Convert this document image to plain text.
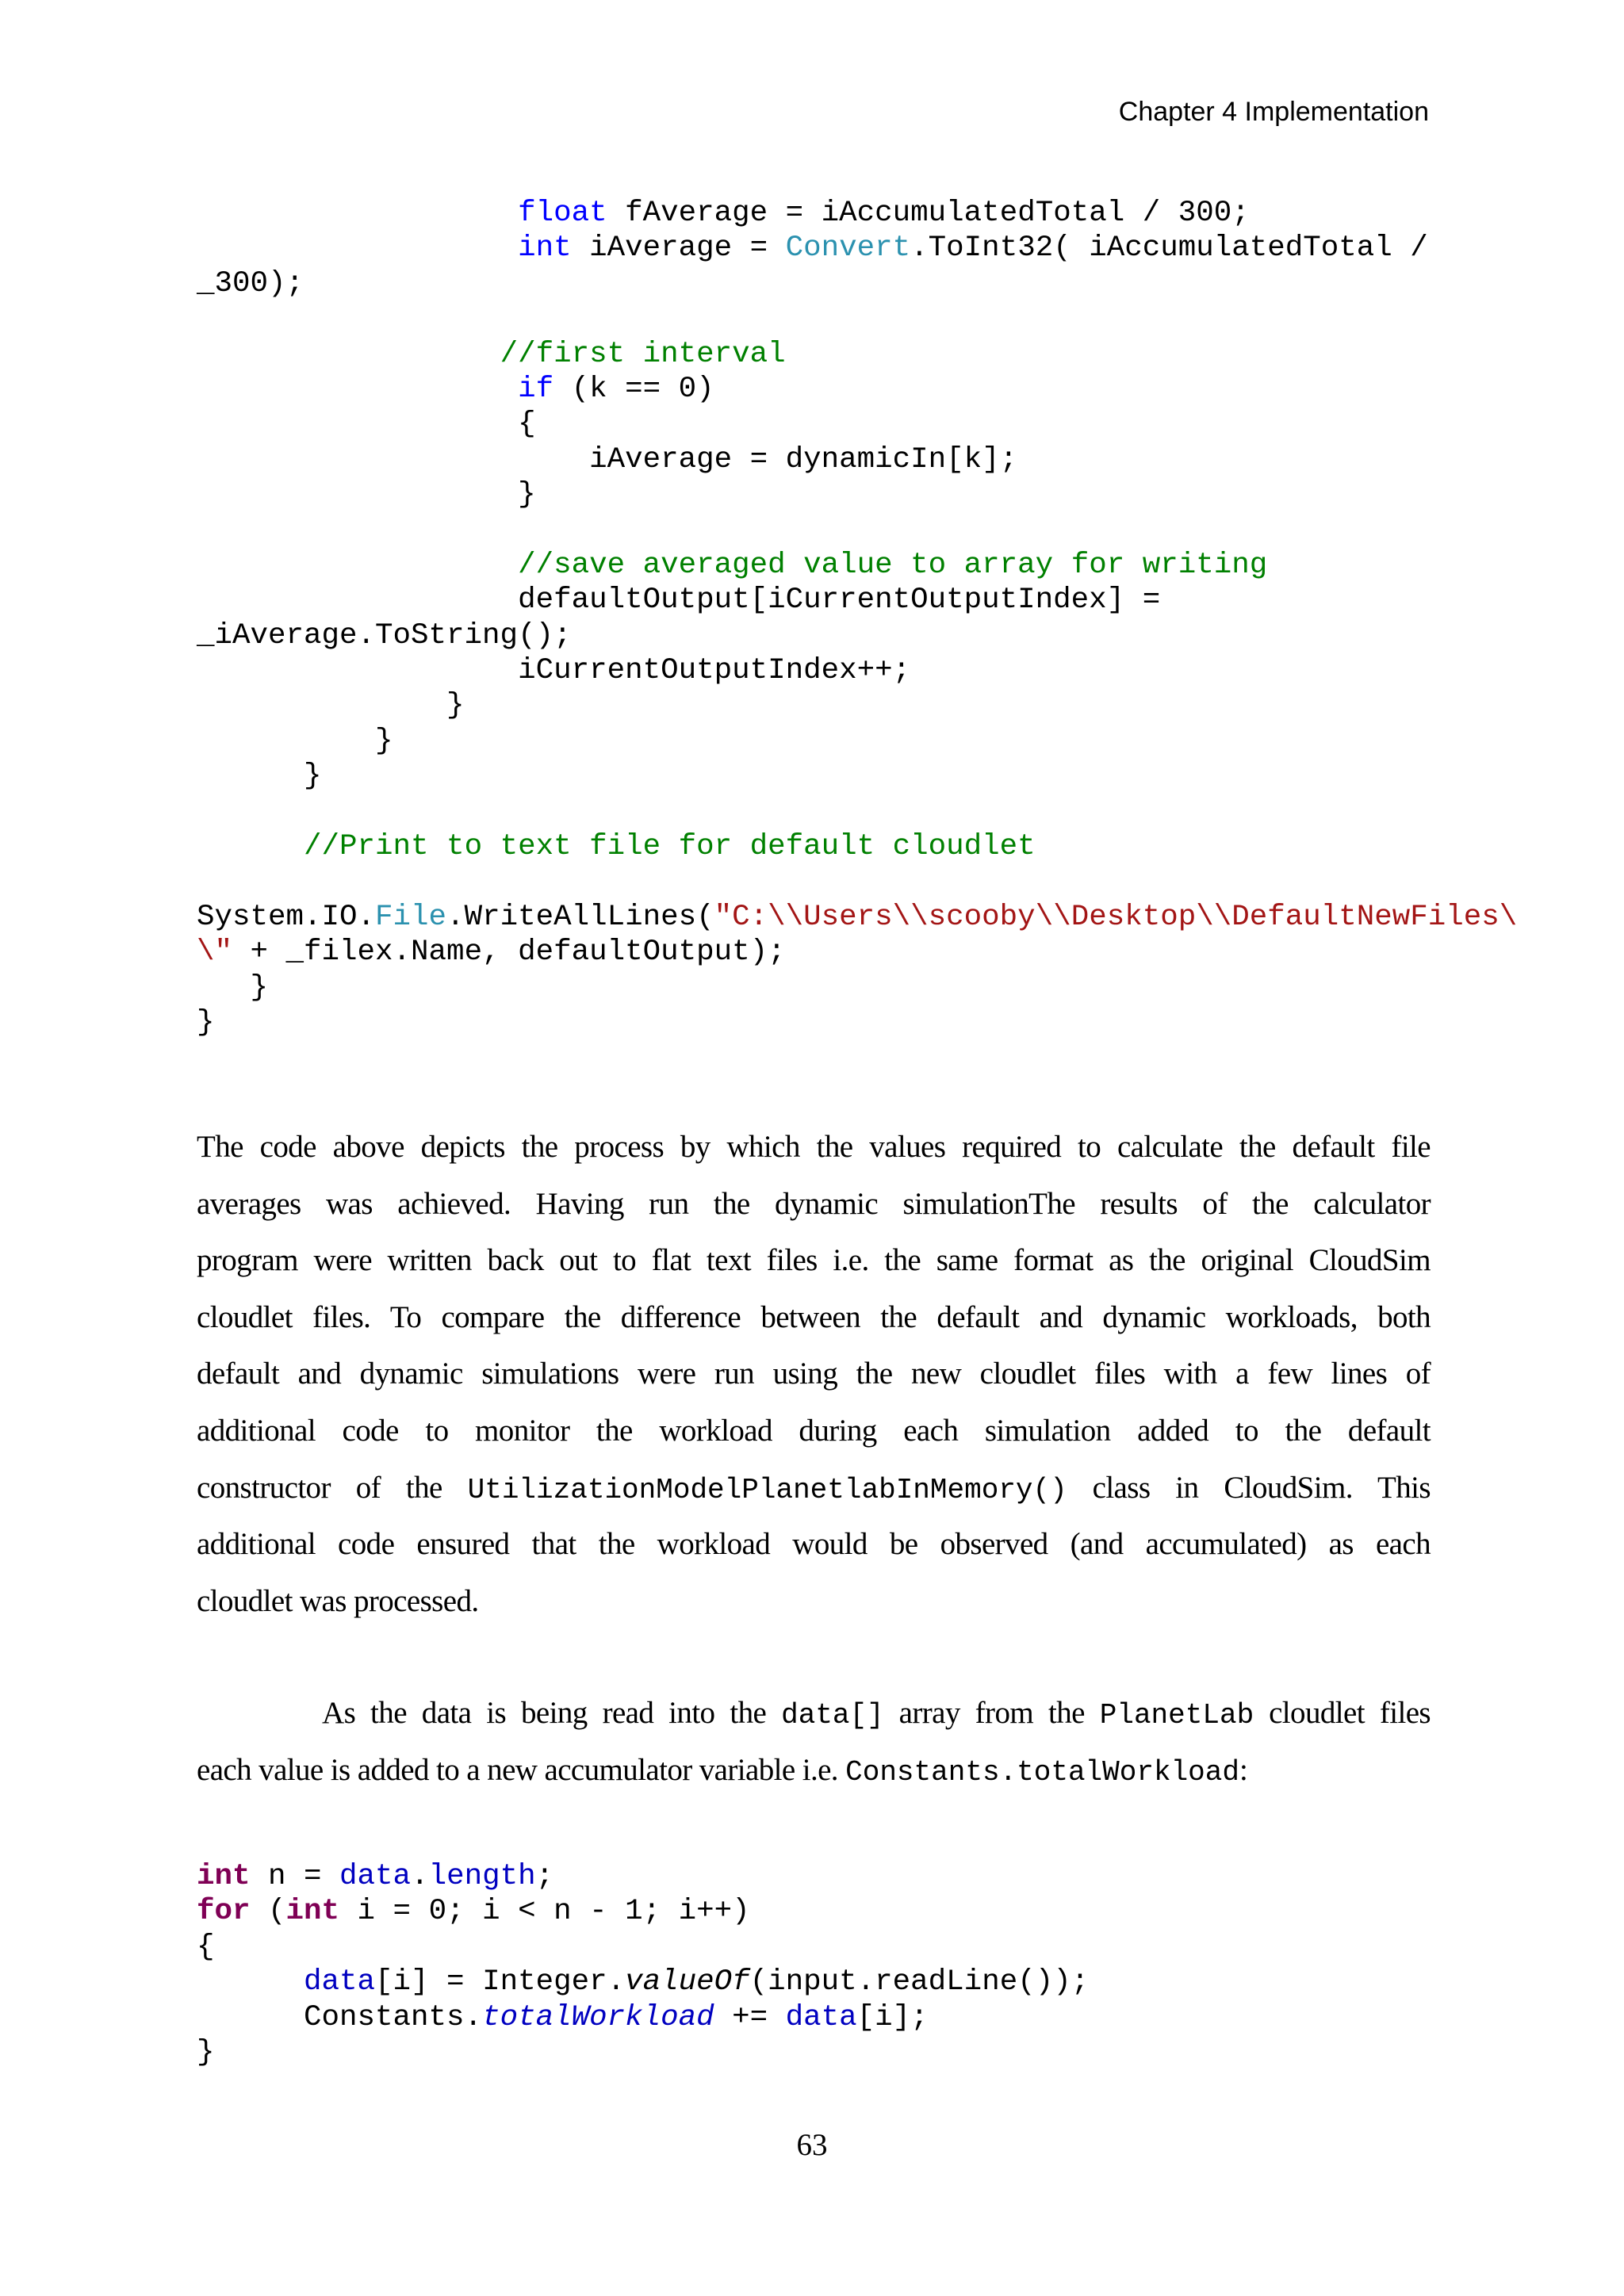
Chapter 4 Implementation
float fAverage = iAccumulatedTotal / 300;
int iAverage = Convert.ToInt32( iAccumulatedTotal /
_300);
//first interval
if (k == 0)
{
iAverage = dynamicIn[k];
}
//save averaged value to array for writing
defaultOutput[iCurrentOutputIndex] =
_iAverage.ToString();
iCurrentOutputIndex++;
}
}
}
//Print to text file for default cloudlet
System.IO.File.WriteAllLines("C:\\Users\\scooby\\Desktop\\DefaultNewFiles\
\" + _filex.Name, defaultOutput);
}
}
The code above depicts the process by which the values required to calculate the default file
averages was achieved. Having run the dynamic simulationThe results of the calculator
program were written back out to flat text files i.e. the same format as the original CloudSim
cloudlet files. To compare the difference between the default and dynamic workloads, both
default and dynamic simulations were run using the new cloudlet files with a few lines of
additional code to monitor the workload during each simulation added to the default
constructor of the UtilizationModelPlanetlabInMemory() class in CloudSim. This
additional code ensured that the workload would be observed (and accumulated) as each
cloudlet was processed.
As the data is being read into the data[] array from the PlanetLab cloudlet files
each value is added to a new accumulator variable i.e. Constants.totalWorkload:
int n = data.length;
for (int i = 0; i < n - 1; i++)
{
data[i] = Integer.valueOf(input.readLine());
Constants.totalWorkload += data[i];
}
63
